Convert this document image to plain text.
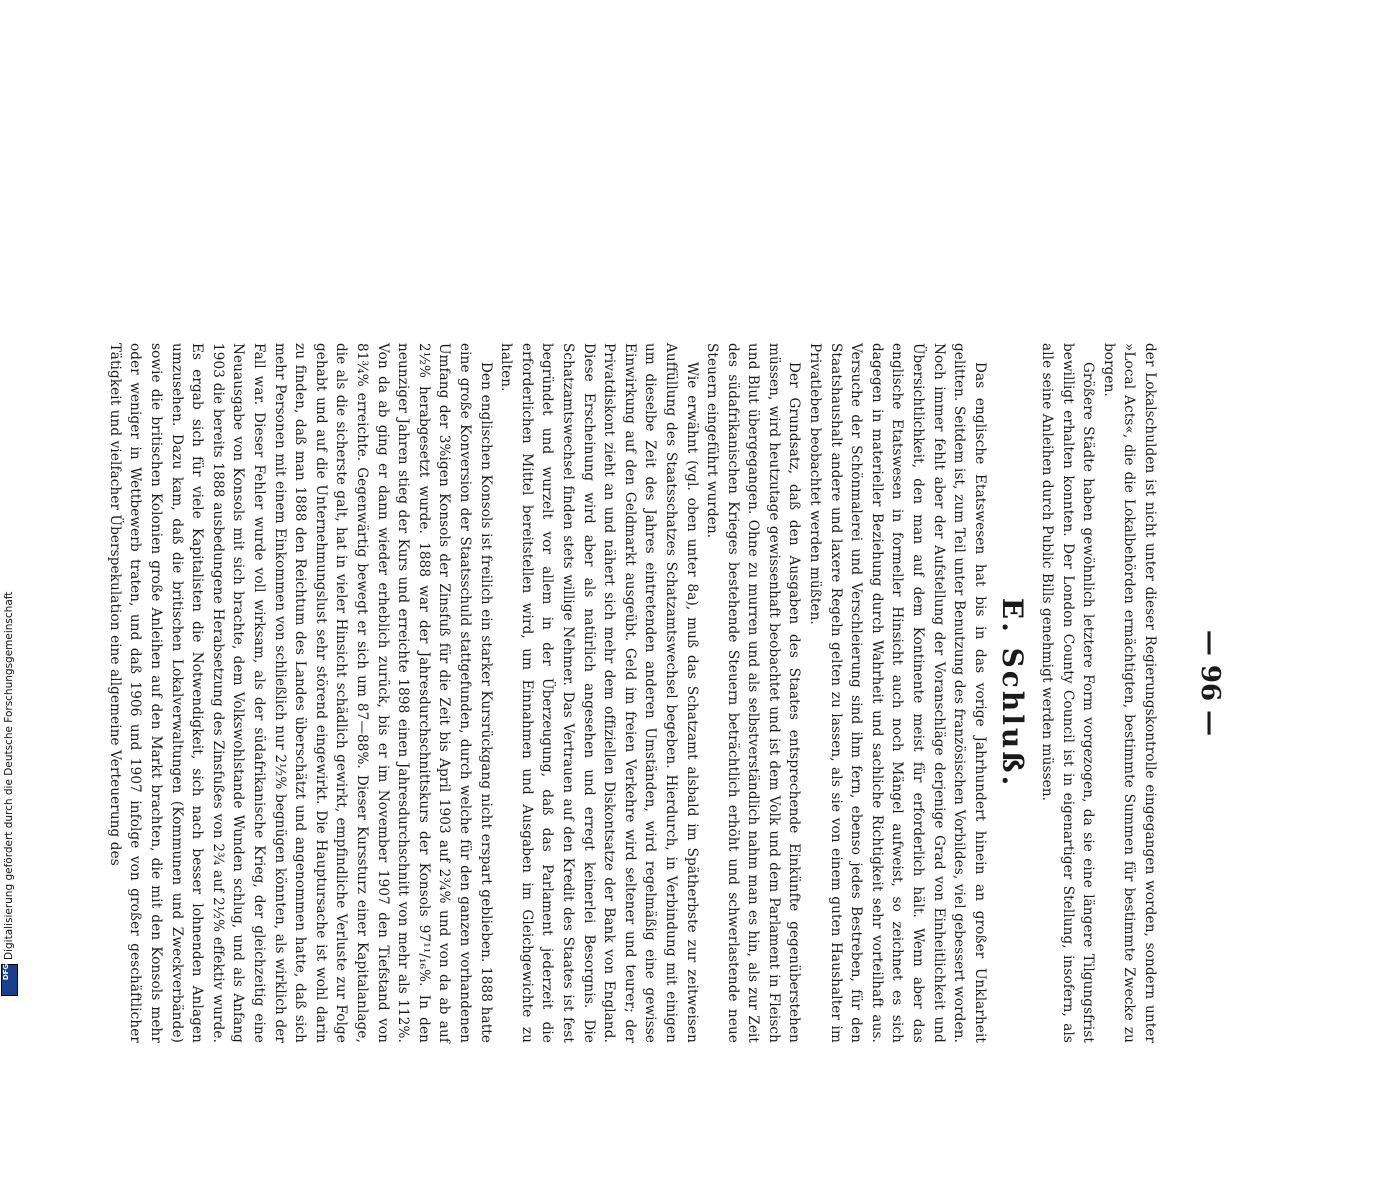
Digitalisierung gefördert durch die Deutsche Forschungsgemeinschaft
DFG
— 96 —

der Lokalschulden ist nicht unter dieser Regierungskontrolle eingegangen worden, sondern unter »Local Acts«, die die Lokalbehörden ermächtigten, bestimmte Summen für bestimmte Zwecke zu borgen.

Größere Städte haben gewöhnlich letztere Form vorgezogen, da sie eine längere Tilgungsfrist bewilligt erhalten konnten. Der London County Council ist in eigenartiger Stellung, insofern, als alle seine Anleihen durch Public Bills genehmigt werden müssen.

E. Schluß.

Das englische Etatswesen hat bis in das vorige Jahrhundert hinein an großer Unklarheit gelitten. Seitdem ist, zum Teil unter Benutzung des französischen Vorbildes, viel gebessert worden. Noch immer fehlt aber der Aufstellung der Voranschläge derjenige Grad von Einheitlichkeit und Übersichtlichkeit, den man auf dem Kontinente meist für erforderlich hält. Wenn aber das englische Etatswesen in formeller Hinsicht auch noch Mängel aufweist, so zeichnet es sich dagegen in materieller Beziehung durch Wahrheit und sachliche Richtigkeit sehr vorteilhaft aus. Versuche der Schönmalerei und Verschleierung sind ihm fern, ebenso jedes Bestreben, für den Staatshaushalt andere und laxere Regeln gelten zu lassen, als sie von einem guten Haushalter im Privatleben beobachtet werden müßten.

Der Grundsatz, daß den Ausgaben des Staates entsprechende Einkünfte gegenüberstehen müssen, wird heutzutage gewissenhaft beobachtet und ist dem Volk und dem Parlament in Fleisch und Blut übergegangen. Ohne zu murren und als selbstverständlich nahm man es hin, als zur Zeit des südafrikanischen Krieges bestehende Steuern beträchtlich erhöht und schwerlastende neue Steuern eingeführt wurden.

Wie erwähnt (vgl. oben unter 8a), muß das Schatzamt alsbald im Spätherbste zur zeitweisen Auffüllung des Staatsschatzes Schatzamtswechsel begeben. Hierdurch, in Verbindung mit einigen um dieselbe Zeit des Jahres eintretenden anderen Umständen, wird regelmäßig eine gewisse Einwirkung auf den Geldmarkt ausgeübt. Geld im freien Verkehre wird seltener und teurer; der Privatdiskont zieht an und nähert sich mehr dem offiziellen Diskontsatze der Bank von England. Diese Erscheinung wird aber als natürlich angesehen und erregt keinerlei Besorgnis. Die Schatzamtswechsel finden stets willige Nehmer. Das Vertrauen auf den Kredit des Staates ist fest begründet und wurzelt vor allem in der Überzeugung, daß das Parlament jederzeit die erforderlichen Mittel bereitstellen wird, um Einnahmen und Ausgaben im Gleichgewichte zu halten.

Den englischen Konsols ist freilich ein starker Kursrückgang nicht erspart geblieben. 1888 hatte eine große Konversion der Staatsschuld stattgefunden, durch welche für den ganzen vorhandenen Umfang der 3%igen Konsols der Zinsfuß für die Zeit bis April 1903 auf 2¾% und von da ab auf 2½% herabgesetzt wurde. 1888 war der Jahresdurchschnittskurs der Konsols 97¹¹/₁₆%. In den neunziger Jahren stieg der Kurs und erreichte 1898 einen Jahresdurchschnitt von mehr als 112%. Von da ab ging er dann wieder erheblich zurück, bis er im November 1907 den Tiefstand von 81¾% erreichte. Gegenwärtig bewegt er sich um 87—88%. Dieser Kurssturz einer Kapitalanlage, die als die sicherste galt, hat in vieler Hinsicht schädlich gewirkt, empfindliche Verluste zur Folge gehabt und auf die Unternehmungslust sehr störend eingewirkt. Die Hauptursache ist wohl darin zu finden, daß man 1888 den Reichtum des Landes überschätzt und angenommen hatte, daß sich mehr Personen mit einem Einkommen von schließlich nur 2½% begnügen könnten, als wirklich der Fall war. Dieser Fehler wurde voll wirksam, als der südafrikanische Krieg, der gleichzeitig eine Neuausgabe von Konsols mit sich brachte, dem Volkswohlstande Wunden schlug, und als Anfang 1903 die bereits 1888 ausbedungene Herabsetzung des Zinsfußes von 2¾ auf 2½% effektiv wurde. Es ergab sich für viele Kapitalisten die Notwendigkeit, sich nach besser lohnenden Anlagen umzusehen. Dazu kam, daß die britischen Lokalverwaltungen (Kommunen und Zweckverbände) sowie die britischen Kolonien große Anleihen auf den Markt brachten, die mit den Konsols mehr oder weniger in Wettbewerb traten, und daß 1906 und 1907 infolge von großer geschäftlicher Tätigkeit und vielfacher Überspekulation eine allgemeine Verteuerung des
